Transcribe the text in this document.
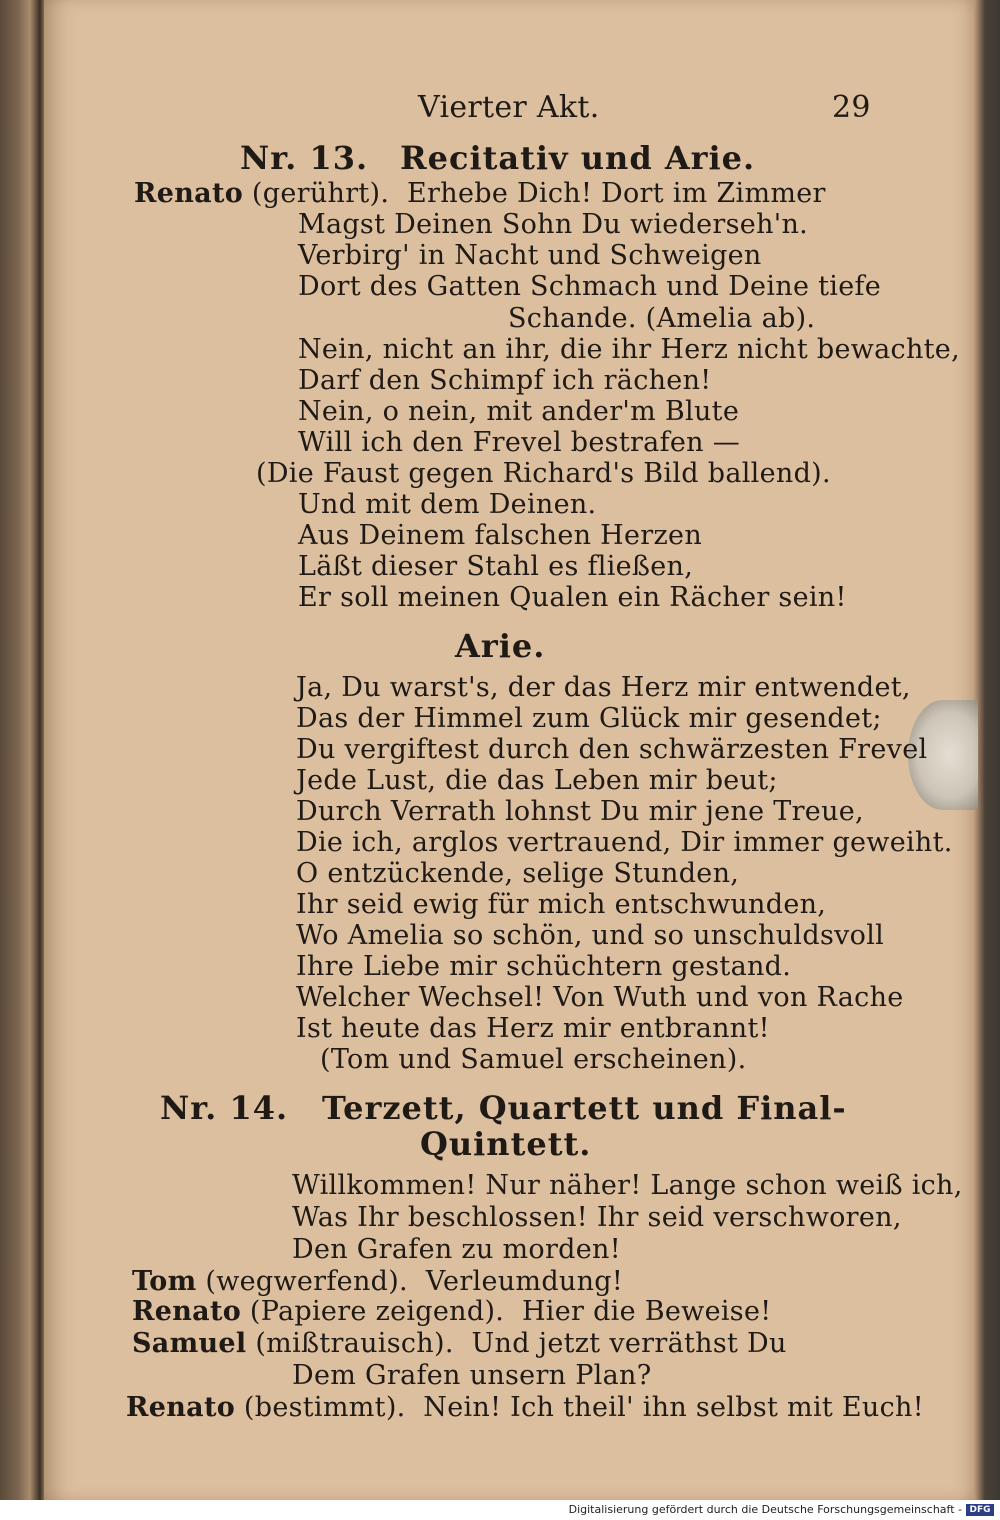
Vierter Akt.	29
Nr. 13. Recitativ und Arie.
Renato (gerührt). Erhebe Dich! Dort im Zimmer
Magst Deinen Sohn Du wiederseh'n.
Verbirg' in Nacht und Schweigen
Dort des Gatten Schmach und Deine tiefe
Schande. (Amelia ab).
Nein, nicht an ihr, die ihr Herz nicht bewachte,
Darf den Schimpf ich rächen!
Nein, o nein, mit ander'm Blute
Will ich den Frevel bestrafen —
(Die Faust gegen Richard's Bild ballend).
Und mit dem Deinen.
Aus Deinem falschen Herzen
Läßt dieser Stahl es fließen,
Er soll meinen Qualen ein Rächer sein!
Arie.
Ja, Du warst's, der das Herz mir entwendet,
Das der Himmel zum Glück mir gesendet;
Du vergiftest durch den schwärzesten Frevel
Jede Lust, die das Leben mir beut;
Durch Verrath lohnst Du mir jene Treue,
Die ich, arglos vertrauend, Dir immer geweiht.
O entzückende, selige Stunden,
Ihr seid ewig für mich entschwunden,
Wo Amelia so schön, und so unschuldsvoll
Ihre Liebe mir schüchtern gestand.
Welcher Wechsel! Von Wuth und von Rache
Ist heute das Herz mir entbrannt!
(Tom und Samuel erscheinen).
Nr. 14. Terzett, Quartett und Final-
Quintett.
Willkommen! Nur näher! Lange schon weiß ich,
Was Ihr beschlossen! Ihr seid verschworen,
Den Grafen zu morden!
Tom (wegwerfend). Verleumdung!
Renato (Papiere zeigend). Hier die Beweise!
Samuel (mißtrauisch). Und jetzt verräthst Du
Dem Grafen unsern Plan?
Renato (bestimmt). Nein! Ich theil' ihn selbst mit Euch!
Digitalisierung gefördert durch die Deutsche Forschungsgemeinschaft - DFG
